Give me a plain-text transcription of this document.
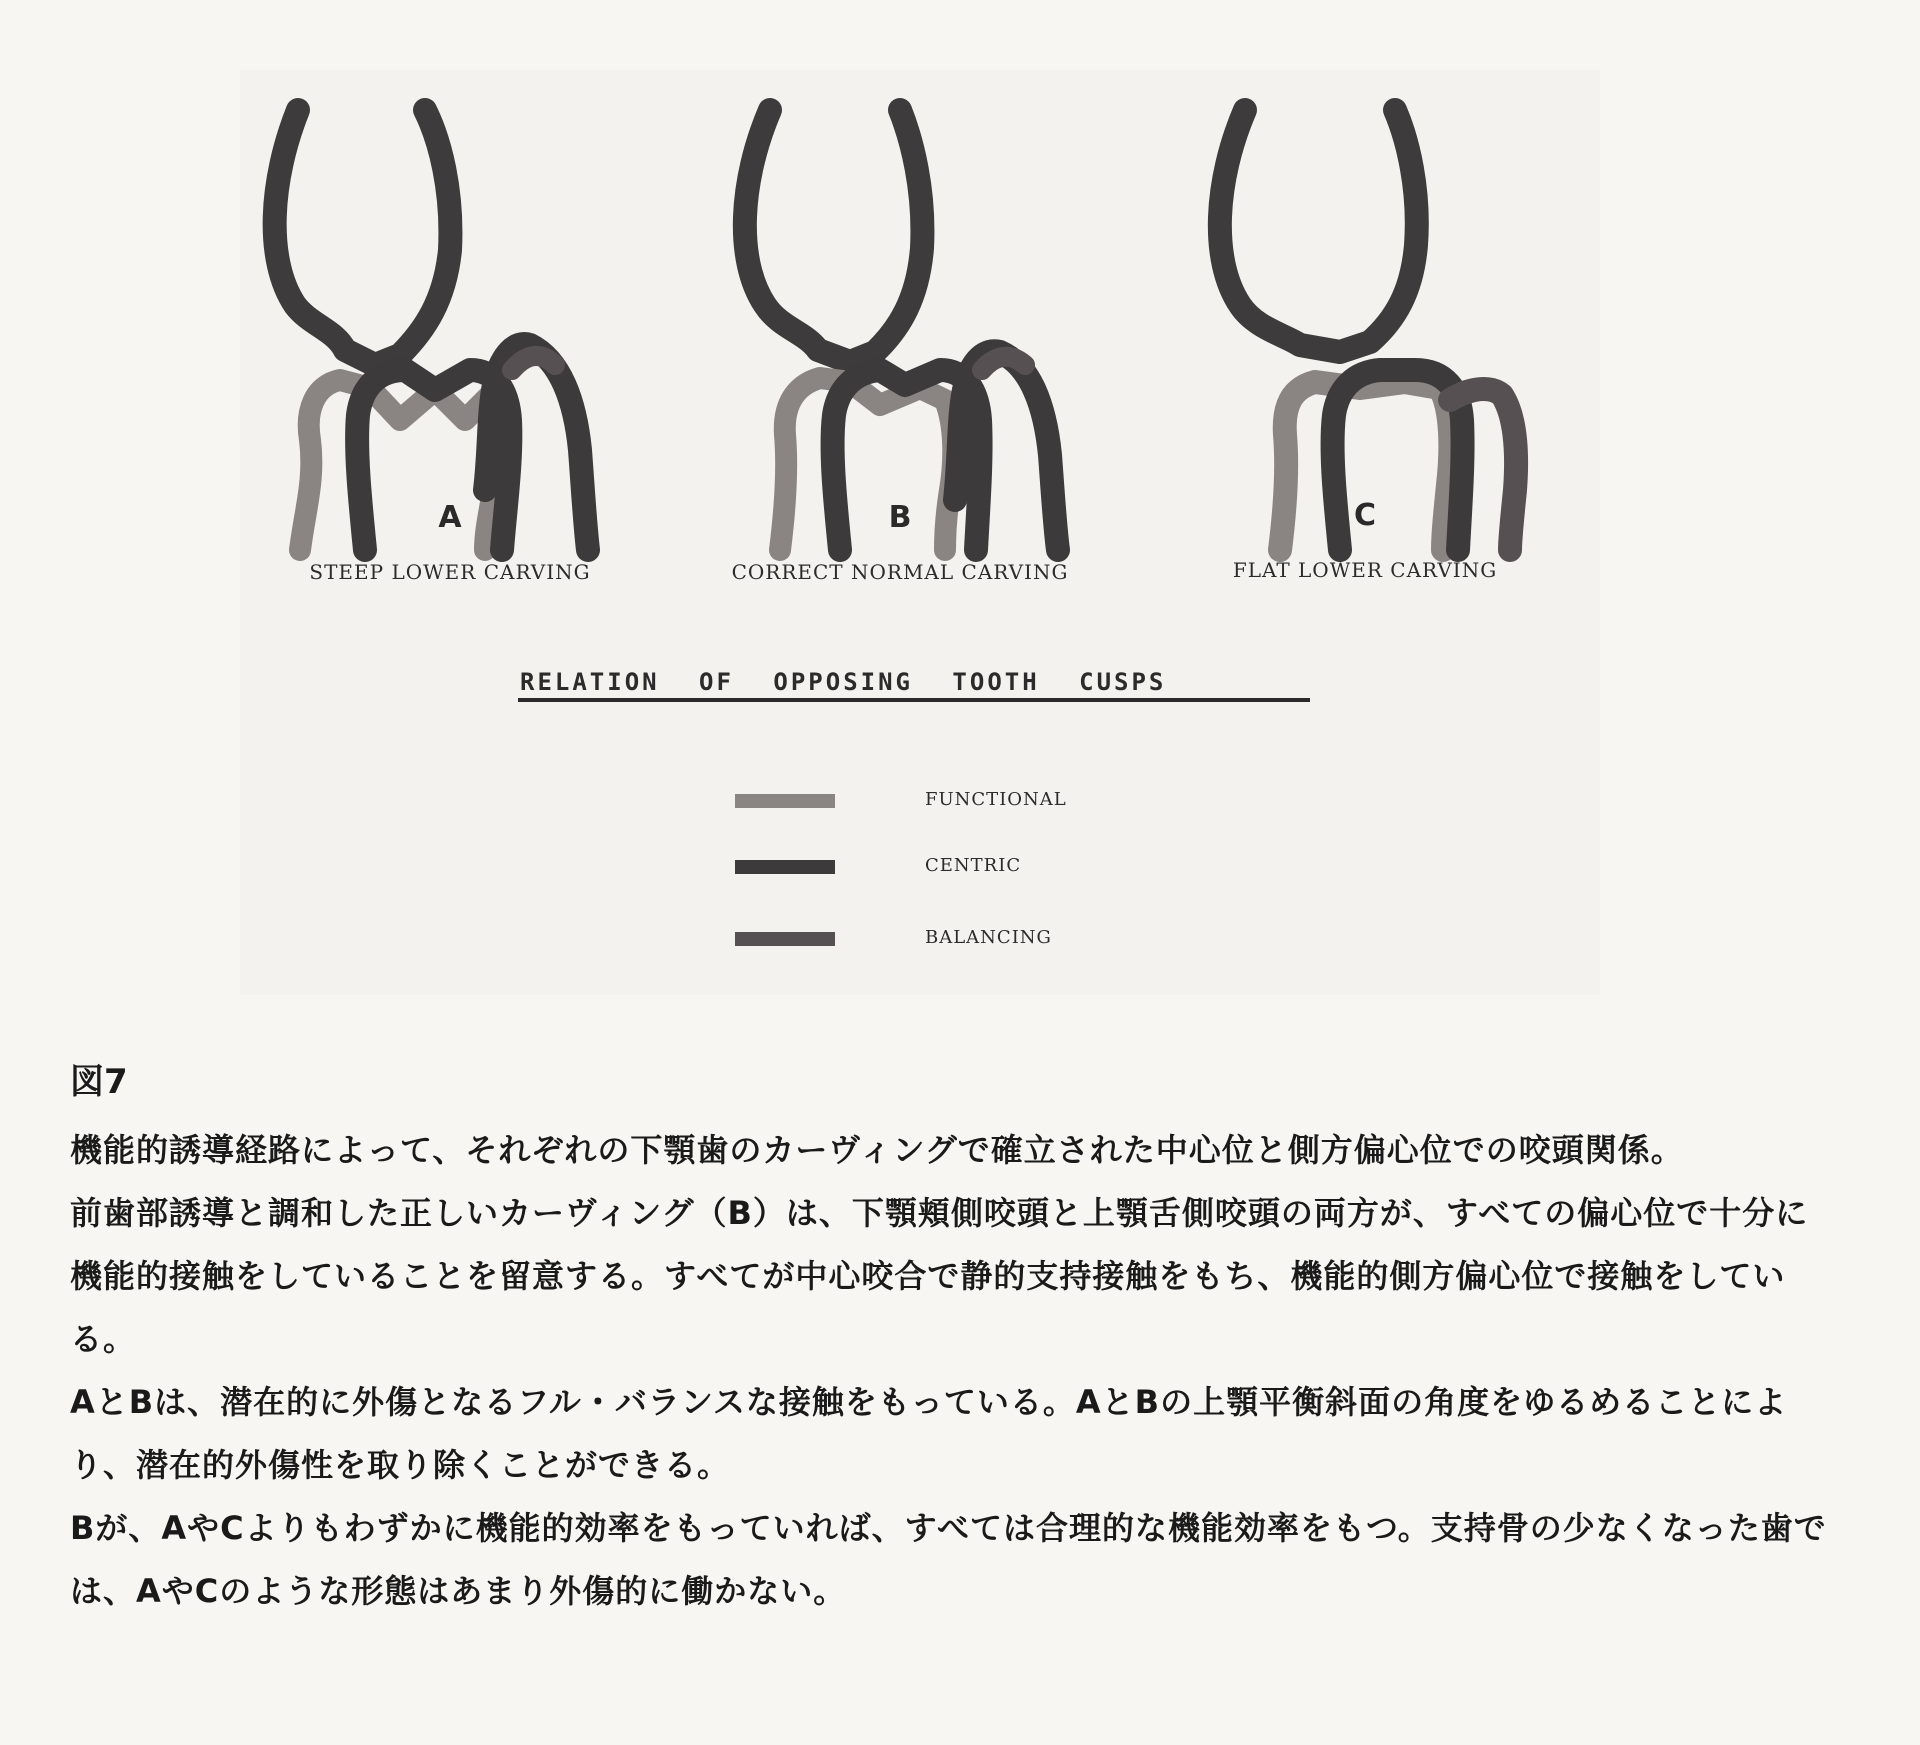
A
STEEP LOWER CARVING
B
CORRECT NORMAL CARVING
C
FLAT LOWER CARVING
RELATION OF OPPOSING TOOTH CUSPS
FUNCTIONAL
CENTRIC
BALANCING
図7

機能的誘導経路によって、それぞれの下顎歯のカーヴィングで確立された中心位と側方偏心位での咬頭関係。

前歯部誘導と調和した正しいカーヴィング（B）は、下顎頬側咬頭と上顎舌側咬頭の両方が、すべての偏心位で十分に機能的接触をしていることを留意する。すべてが中心咬合で静的支持接触をもち、機能的側方偏心位で接触をしている。

AとBは、潜在的に外傷となるフル・バランスな接触をもっている。AとBの上顎平衡斜面の角度をゆるめることにより、潜在的外傷性を取り除くことができる。

Bが、AやCよりもわずかに機能的効率をもっていれば、すべては合理的な機能効率をもつ。支持骨の少なくなった歯では、AやCのような形態はあまり外傷的に働かない。
